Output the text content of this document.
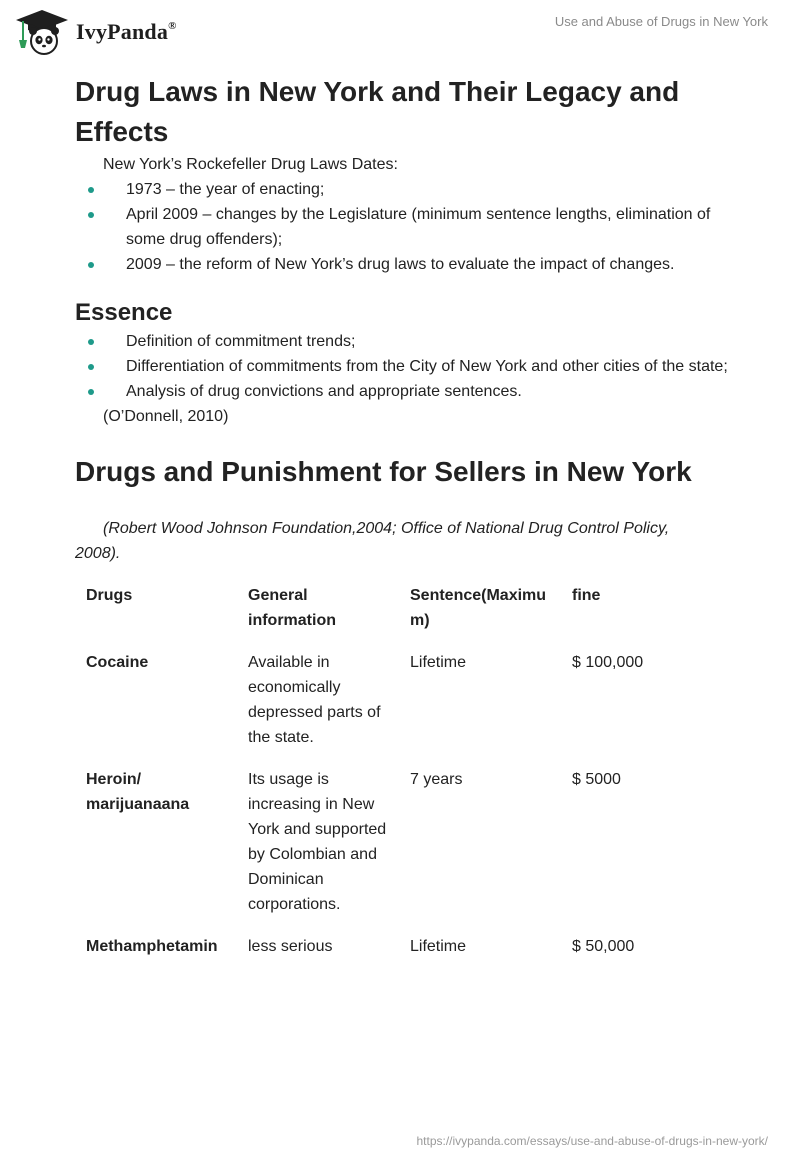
IvyPanda®	Use and Abuse of Drugs in New York
Drug Laws in New York and Their Legacy and Effects

New York’s Rockefeller Drug Laws Dates:

1973 – the year of enacting;
April 2009 – changes by the Legislature (minimum sentence lengths, elimination of some drug offenders);
2009 – the reform of New York’s drug laws to evaluate the impact of changes.
Essence
Definition of commitment trends;
Differentiation of commitments from the City of New York and other cities of the state;
Analysis of drug convictions and appropriate sentences.

(O’Donnell, 2010)

Drugs and Punishment for Sellers in New York

(Robert Wood Johnson Foundation,2004; Office of National Drug Control Policy,
2008).

Drugs	General information	Sentence(Maximum)	fine
Cocaine	Available in economically depressed parts of the state.	Lifetime	$ 100,000
Heroin/ marijuanaana	Its usage is increasing in New York and supported by Colombian and Dominican corporations.	7 years	$ 5000
Methamphetamin	less serious	Lifetime	$ 50,000
https://ivypanda.com/essays/use-and-abuse-of-drugs-in-new-york/
